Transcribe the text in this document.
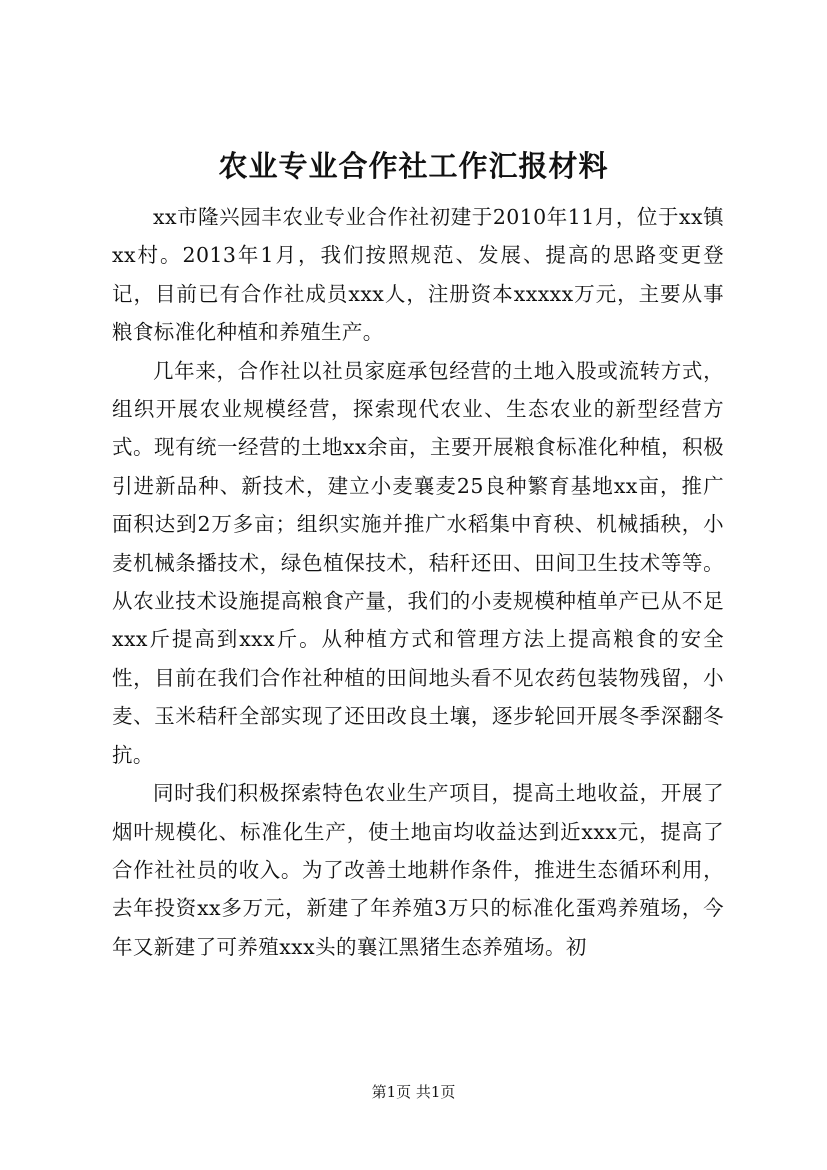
农业专业合作社工作汇报材料

xx市隆兴园丰农业专业合作社初建于2010年11月，位于xx镇xx村。2013年1月，我们按照规范、发展、提高的思路变更登记，目前已有合作社成员xxx人，注册资本xxxxx万元，主要从事粮食标准化种植和养殖生产。

几年来，合作社以社员家庭承包经营的土地入股或流转方式，组织开展农业规模经营，探索现代农业、生态农业的新型经营方式。现有统一经营的土地xx余亩，主要开展粮食标准化种植，积极引进新品种、新技术，建立小麦襄麦25良种繁育基地xx亩，推广面积达到2万多亩；组织实施并推广水稻集中育秧、机械插秧，小麦机械条播技术，绿色植保技术，秸秆还田、田间卫生技术等等。从农业技术设施提高粮食产量，我们的小麦规模种植单产已从不足xxx斤提高到xxx斤。从种植方式和管理方法上提高粮食的安全性，目前在我们合作社种植的田间地头看不见农药包装物残留，小麦、玉米秸秆全部实现了还田改良土壤，逐步轮回开展冬季深翻冬抗。

同时我们积极探索特色农业生产项目，提高土地收益，开展了烟叶规模化、标准化生产，使土地亩均收益达到近xxx元，提高了合作社社员的收入。为了改善土地耕作条件，推进生态循环利用，去年投资xx多万元，新建了年养殖3万只的标准化蛋鸡养殖场，今年又新建了可养殖xxx头的襄江黑猪生态养殖场。初

第1页 共1页
